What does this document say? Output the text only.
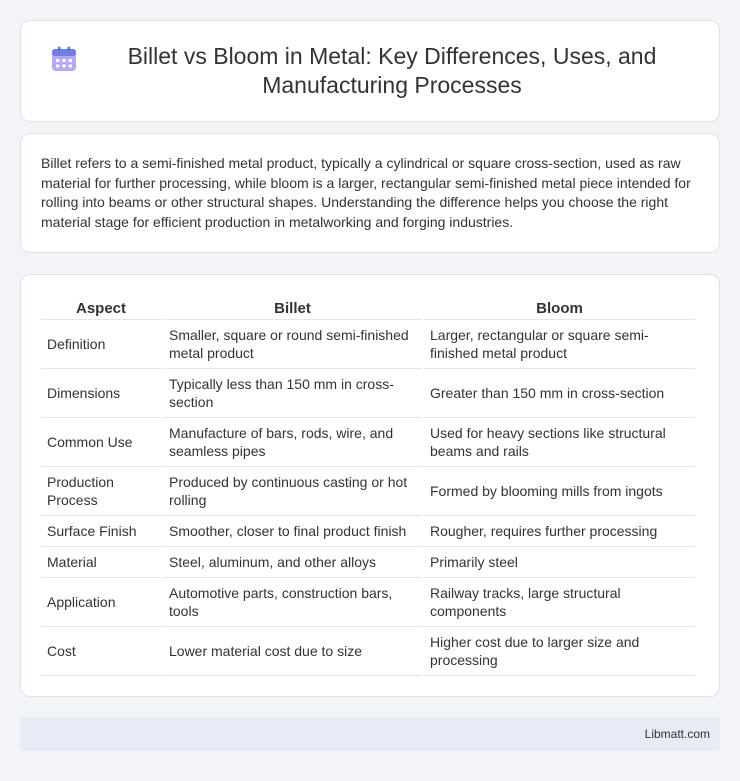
Billet vs Bloom in Metal: Key Differences, Uses, and Manufacturing Processes

Billet refers to a semi-finished metal product, typically a cylindrical or square cross-section, used as raw material for further processing, while bloom is a larger, rectangular semi-finished metal piece intended for rolling into beams or other structural shapes. Understanding the difference helps you choose the right material stage for efficient production in metalworking and forging industries.

Aspect	Billet	Bloom
Definition	Smaller, square or round semi-finished metal product	Larger, rectangular or square semi-finished metal product
Dimensions	Typically less than 150 mm in cross-section	Greater than 150 mm in cross-section
Common Use	Manufacture of bars, rods, wire, and seamless pipes	Used for heavy sections like structural beams and rails
Production Process	Produced by continuous casting or hot rolling	Formed by blooming mills from ingots
Surface Finish	Smoother, closer to final product finish	Rougher, requires further processing
Material	Steel, aluminum, and other alloys	Primarily steel
Application	Automotive parts, construction bars, tools	Railway tracks, large structural components
Cost	Lower material cost due to size	Higher cost due to larger size and processing
Libmatt.com
